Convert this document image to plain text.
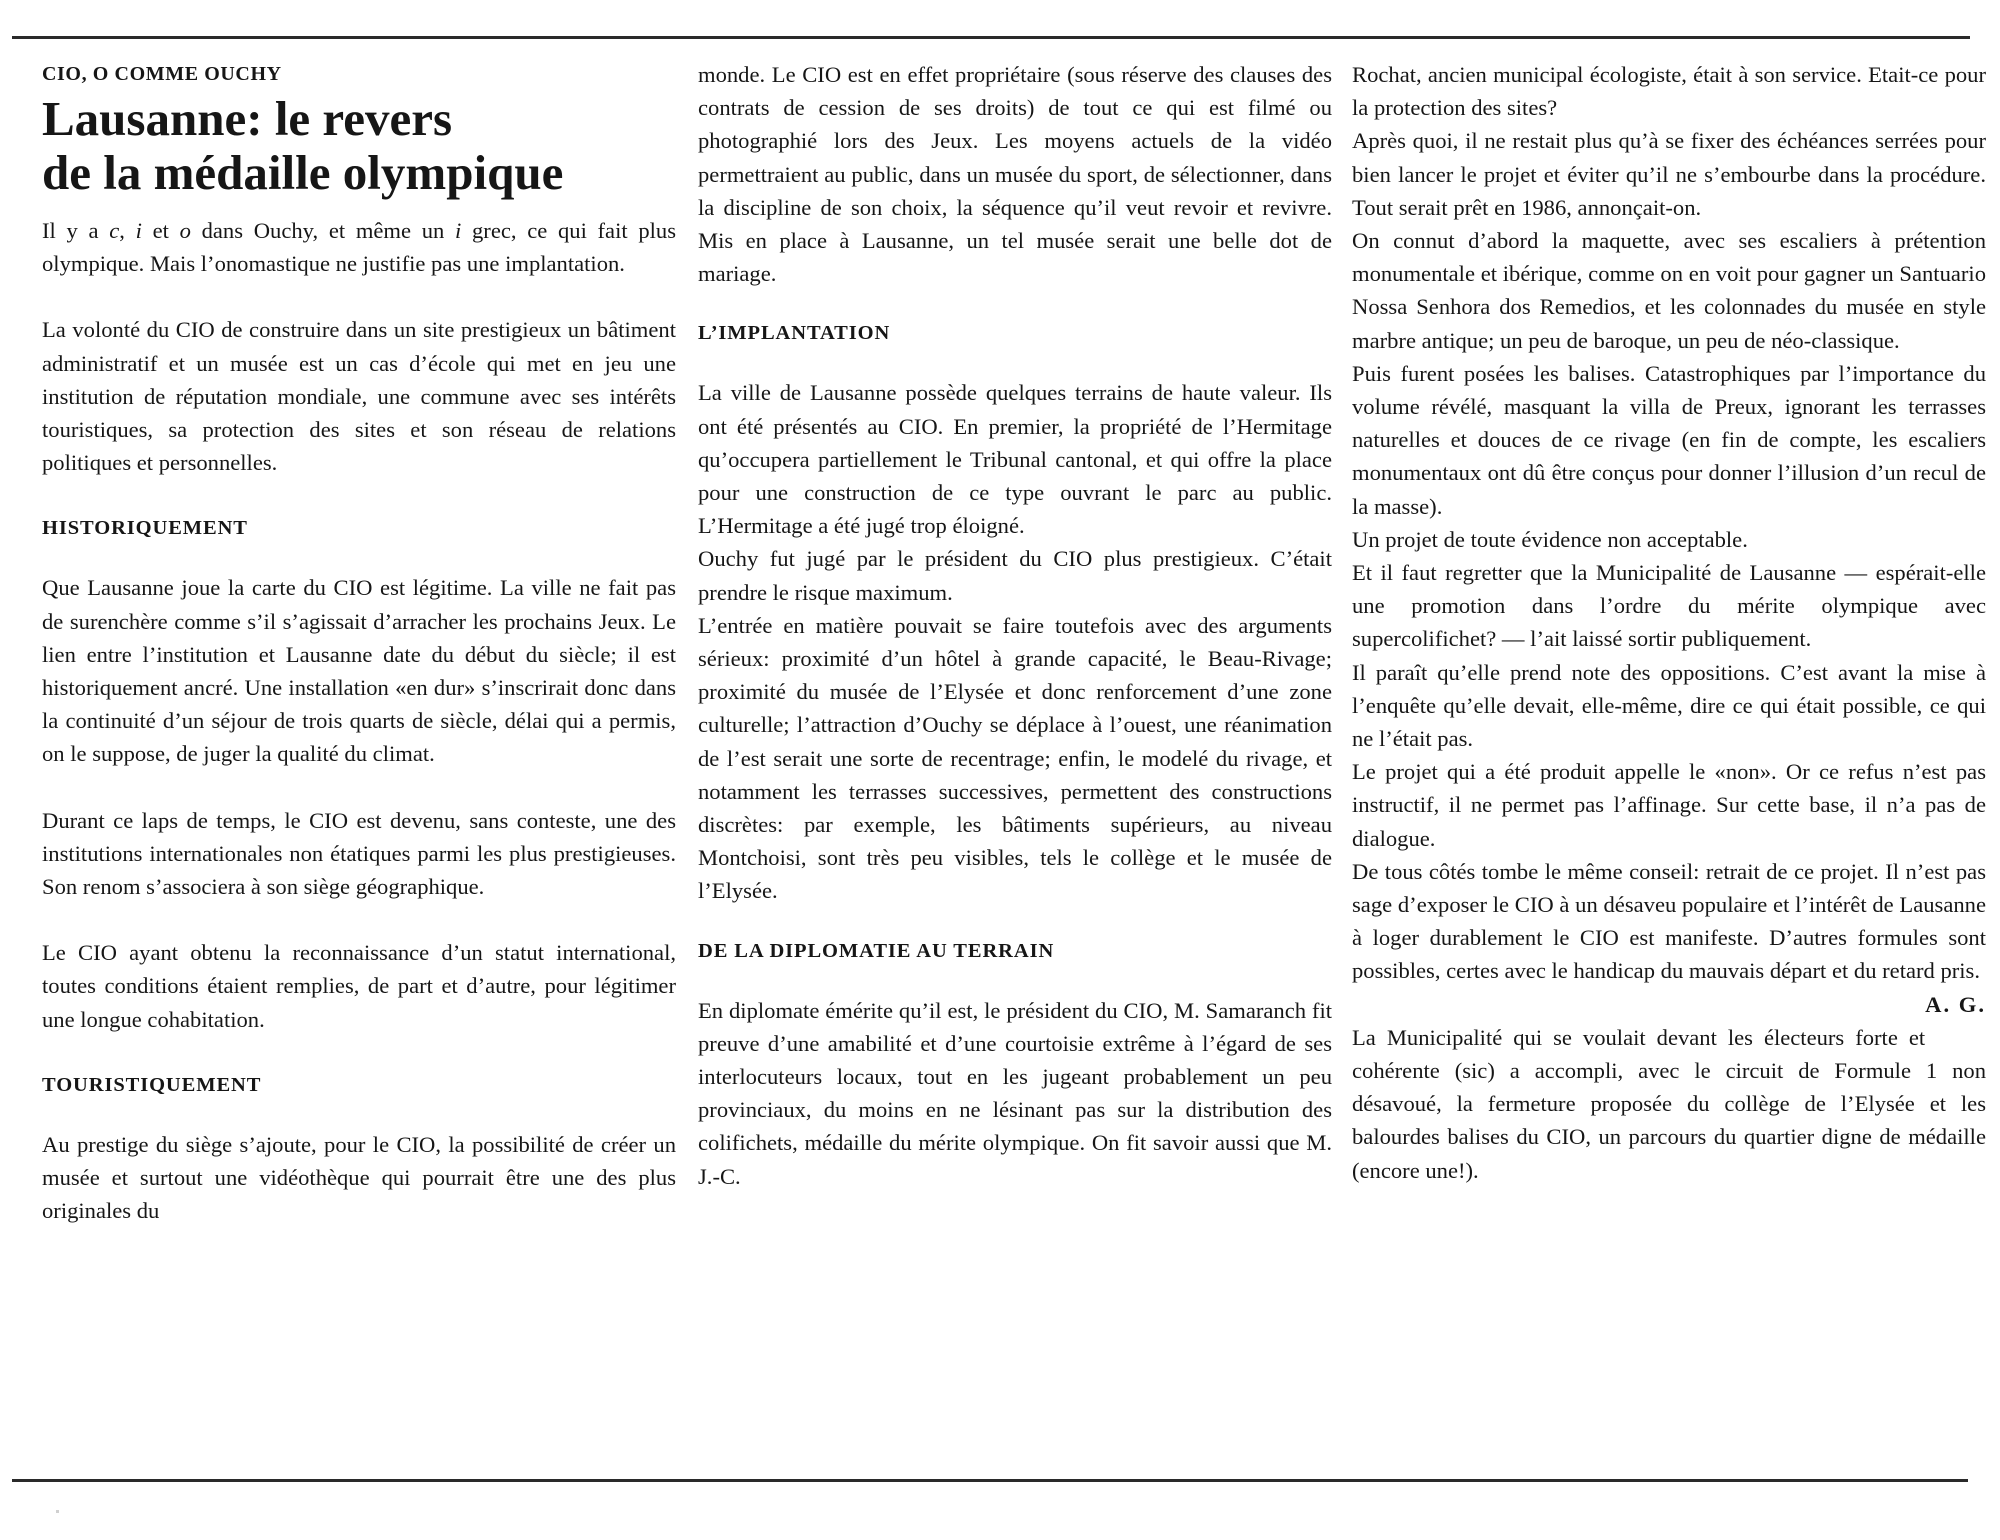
CIO, O COMME OUCHY
Lausanne: le revers
de la médaille olympique

Il y a c, i et o dans Ouchy, et même un i grec, ce qui fait plus olympique. Mais l’onomastique ne justifie pas une implantation.

La volonté du CIO de construire dans un site prestigieux un bâtiment administratif et un musée est un cas d’école qui met en jeu une institution de réputation mondiale, une commune avec ses intérêts touristiques, sa protection des sites et son réseau de relations politiques et personnelles.

HISTORIQUEMENT

Que Lausanne joue la carte du CIO est légitime. La ville ne fait pas de surenchère comme s’il s’agissait d’arracher les prochains Jeux. Le lien entre l’institution et Lausanne date du début du siècle; il est historiquement ancré. Une installation «en dur» s’inscrirait donc dans la continuité d’un séjour de trois quarts de siècle, délai qui a permis, on le suppose, de juger la qualité du climat.

Durant ce laps de temps, le CIO est devenu, sans conteste, une des institutions internationales non étatiques parmi les plus prestigieuses. Son renom s’associera à son siège géographique.

Le CIO ayant obtenu la reconnaissance d’un statut international, toutes conditions étaient remplies, de part et d’autre, pour légitimer une longue cohabitation.

TOURISTIQUEMENT

Au prestige du siège s’ajoute, pour le CIO, la possibilité de créer un musée et surtout une vidéothèque qui pourrait être une des plus originales du

monde. Le CIO est en effet propriétaire (sous réserve des clauses des contrats de cession de ses droits) de tout ce qui est filmé ou photographié lors des Jeux. Les moyens actuels de la vidéo permettraient au public, dans un musée du sport, de sélectionner, dans la discipline de son choix, la séquence qu’il veut revoir et revivre. Mis en place à Lausanne, un tel musée serait une belle dot de mariage.

L’IMPLANTATION

La ville de Lausanne possède quelques terrains de haute valeur. Ils ont été présentés au CIO. En premier, la propriété de l’Hermitage qu’occupera partiellement le Tribunal cantonal, et qui offre la place pour une construction de ce type ouvrant le parc au public. L’Hermitage a été jugé trop éloigné.

Ouchy fut jugé par le président du CIO plus prestigieux. C’était prendre le risque maximum.

L’entrée en matière pouvait se faire toutefois avec des arguments sérieux: proximité d’un hôtel à grande capacité, le Beau-Rivage; proximité du musée de l’Elysée et donc renforcement d’une zone culturelle; l’attraction d’Ouchy se déplace à l’ouest, une réanimation de l’est serait une sorte de recentrage; enfin, le modelé du rivage, et notamment les terrasses successives, permettent des constructions discrètes: par exemple, les bâtiments supérieurs, au niveau Montchoisi, sont très peu visibles, tels le collège et le musée de l’Elysée.

DE LA DIPLOMATIE AU TERRAIN

En diplomate émérite qu’il est, le président du CIO, M. Samaranch fit preuve d’une amabilité et d’une courtoisie extrême à l’égard de ses interlocuteurs locaux, tout en les jugeant probablement un peu provinciaux, du moins en ne lésinant pas sur la distribution des colifichets, médaille du mérite olympique. On fit savoir aussi que M. J.-C.

Rochat, ancien municipal écologiste, était à son service. Etait-ce pour la protection des sites?

Après quoi, il ne restait plus qu’à se fixer des échéances serrées pour bien lancer le projet et éviter qu’il ne s’embourbe dans la procédure. Tout serait prêt en 1986, annonçait-on.

On connut d’abord la maquette, avec ses escaliers à prétention monumentale et ibérique, comme on en voit pour gagner un Santuario Nossa Senhora dos Remedios, et les colonnades du musée en style marbre antique; un peu de baroque, un peu de néo-classique.

Puis furent posées les balises. Catastrophiques par l’importance du volume révélé, masquant la villa de Preux, ignorant les terrasses naturelles et douces de ce rivage (en fin de compte, les escaliers monumentaux ont dû être conçus pour donner l’illusion d’un recul de la masse).

Un projet de toute évidence non acceptable.

Et il faut regretter que la Municipalité de Lausanne — espérait-elle une promotion dans l’ordre du mérite olympique avec supercolifichet? — l’ait laissé sortir publiquement.

Il paraît qu’elle prend note des oppositions. C’est avant la mise à l’enquête qu’elle devait, elle-même, dire ce qui était possible, ce qui ne l’était pas.

Le projet qui a été produit appelle le «non». Or ce refus n’est pas instructif, il ne permet pas l’affinage. Sur cette base, il n’a pas de dialogue.

De tous côtés tombe le même conseil: retrait de ce projet. Il n’est pas sage d’exposer le CIO à un désaveu populaire et l’intérêt de Lausanne à loger durablement le CIO est manifeste. D’autres formules sont possibles, certes avec le handicap du mauvais départ et du retard pris.
A. G.

La Municipalité qui se voulait devant les électeurs forte et cohérente (sic) a accompli, avec le circuit de Formule 1 non désavoué, la fermeture proposée du collège de l’Elysée et les balourdes balises du CIO, un parcours du quartier digne de médaille (encore une!).
